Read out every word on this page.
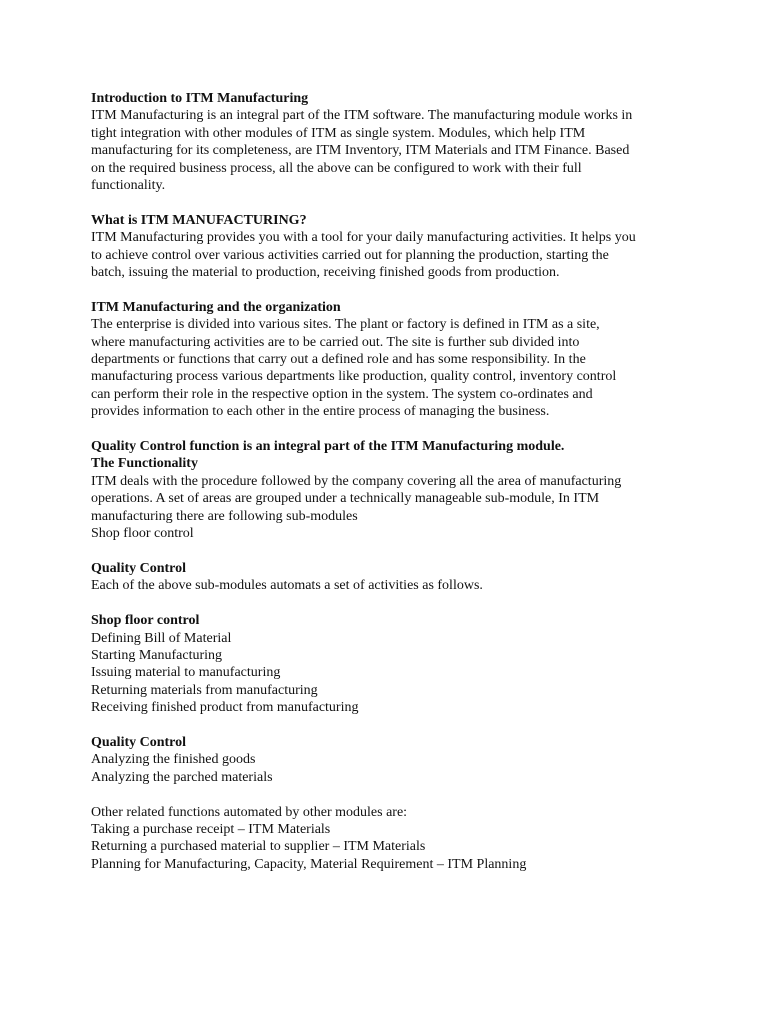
Introduction to ITM Manufacturing
ITM Manufacturing is an integral part of the ITM software. The manufacturing module works in
tight integration with other modules of ITM as single system. Modules, which help ITM
manufacturing for its completeness, are ITM Inventory, ITM Materials and ITM Finance. Based
on the required business process, all the above can be configured to work with their full
functionality.
What is ITM MANUFACTURING?
ITM Manufacturing provides you with a tool for your daily manufacturing activities. It helps you
to achieve control over various activities carried out for planning the production, starting the
batch, issuing the material to production, receiving finished goods from production.
ITM Manufacturing and the organization
The enterprise is divided into various sites. The plant or factory is defined in ITM as a site,
where manufacturing activities are to be carried out. The site is further sub divided into
departments or functions that carry out a defined role and has some responsibility. In the
manufacturing process various departments like production, quality control, inventory control
can perform their role in the respective option in the system. The system co-ordinates and
provides information to each other in the entire process of managing the business.
Quality Control function is an integral part of the ITM Manufacturing module.
The Functionality
ITM deals with the procedure followed by the company covering all the area of manufacturing
operations. A set of areas are grouped under a technically manageable sub-module, In ITM
manufacturing there are following sub-modules
Shop floor control
Quality Control
Each of the above sub-modules automats a set of activities as follows.
Shop floor control
Defining Bill of Material
Starting Manufacturing
Issuing material to manufacturing
Returning materials from manufacturing
Receiving finished product from manufacturing
Quality Control
Analyzing the finished goods
Analyzing the parched materials
Other related functions automated by other modules are:
Taking a purchase receipt – ITM Materials
Returning a purchased material to supplier – ITM Materials
Planning for Manufacturing, Capacity, Material Requirement – ITM Planning
